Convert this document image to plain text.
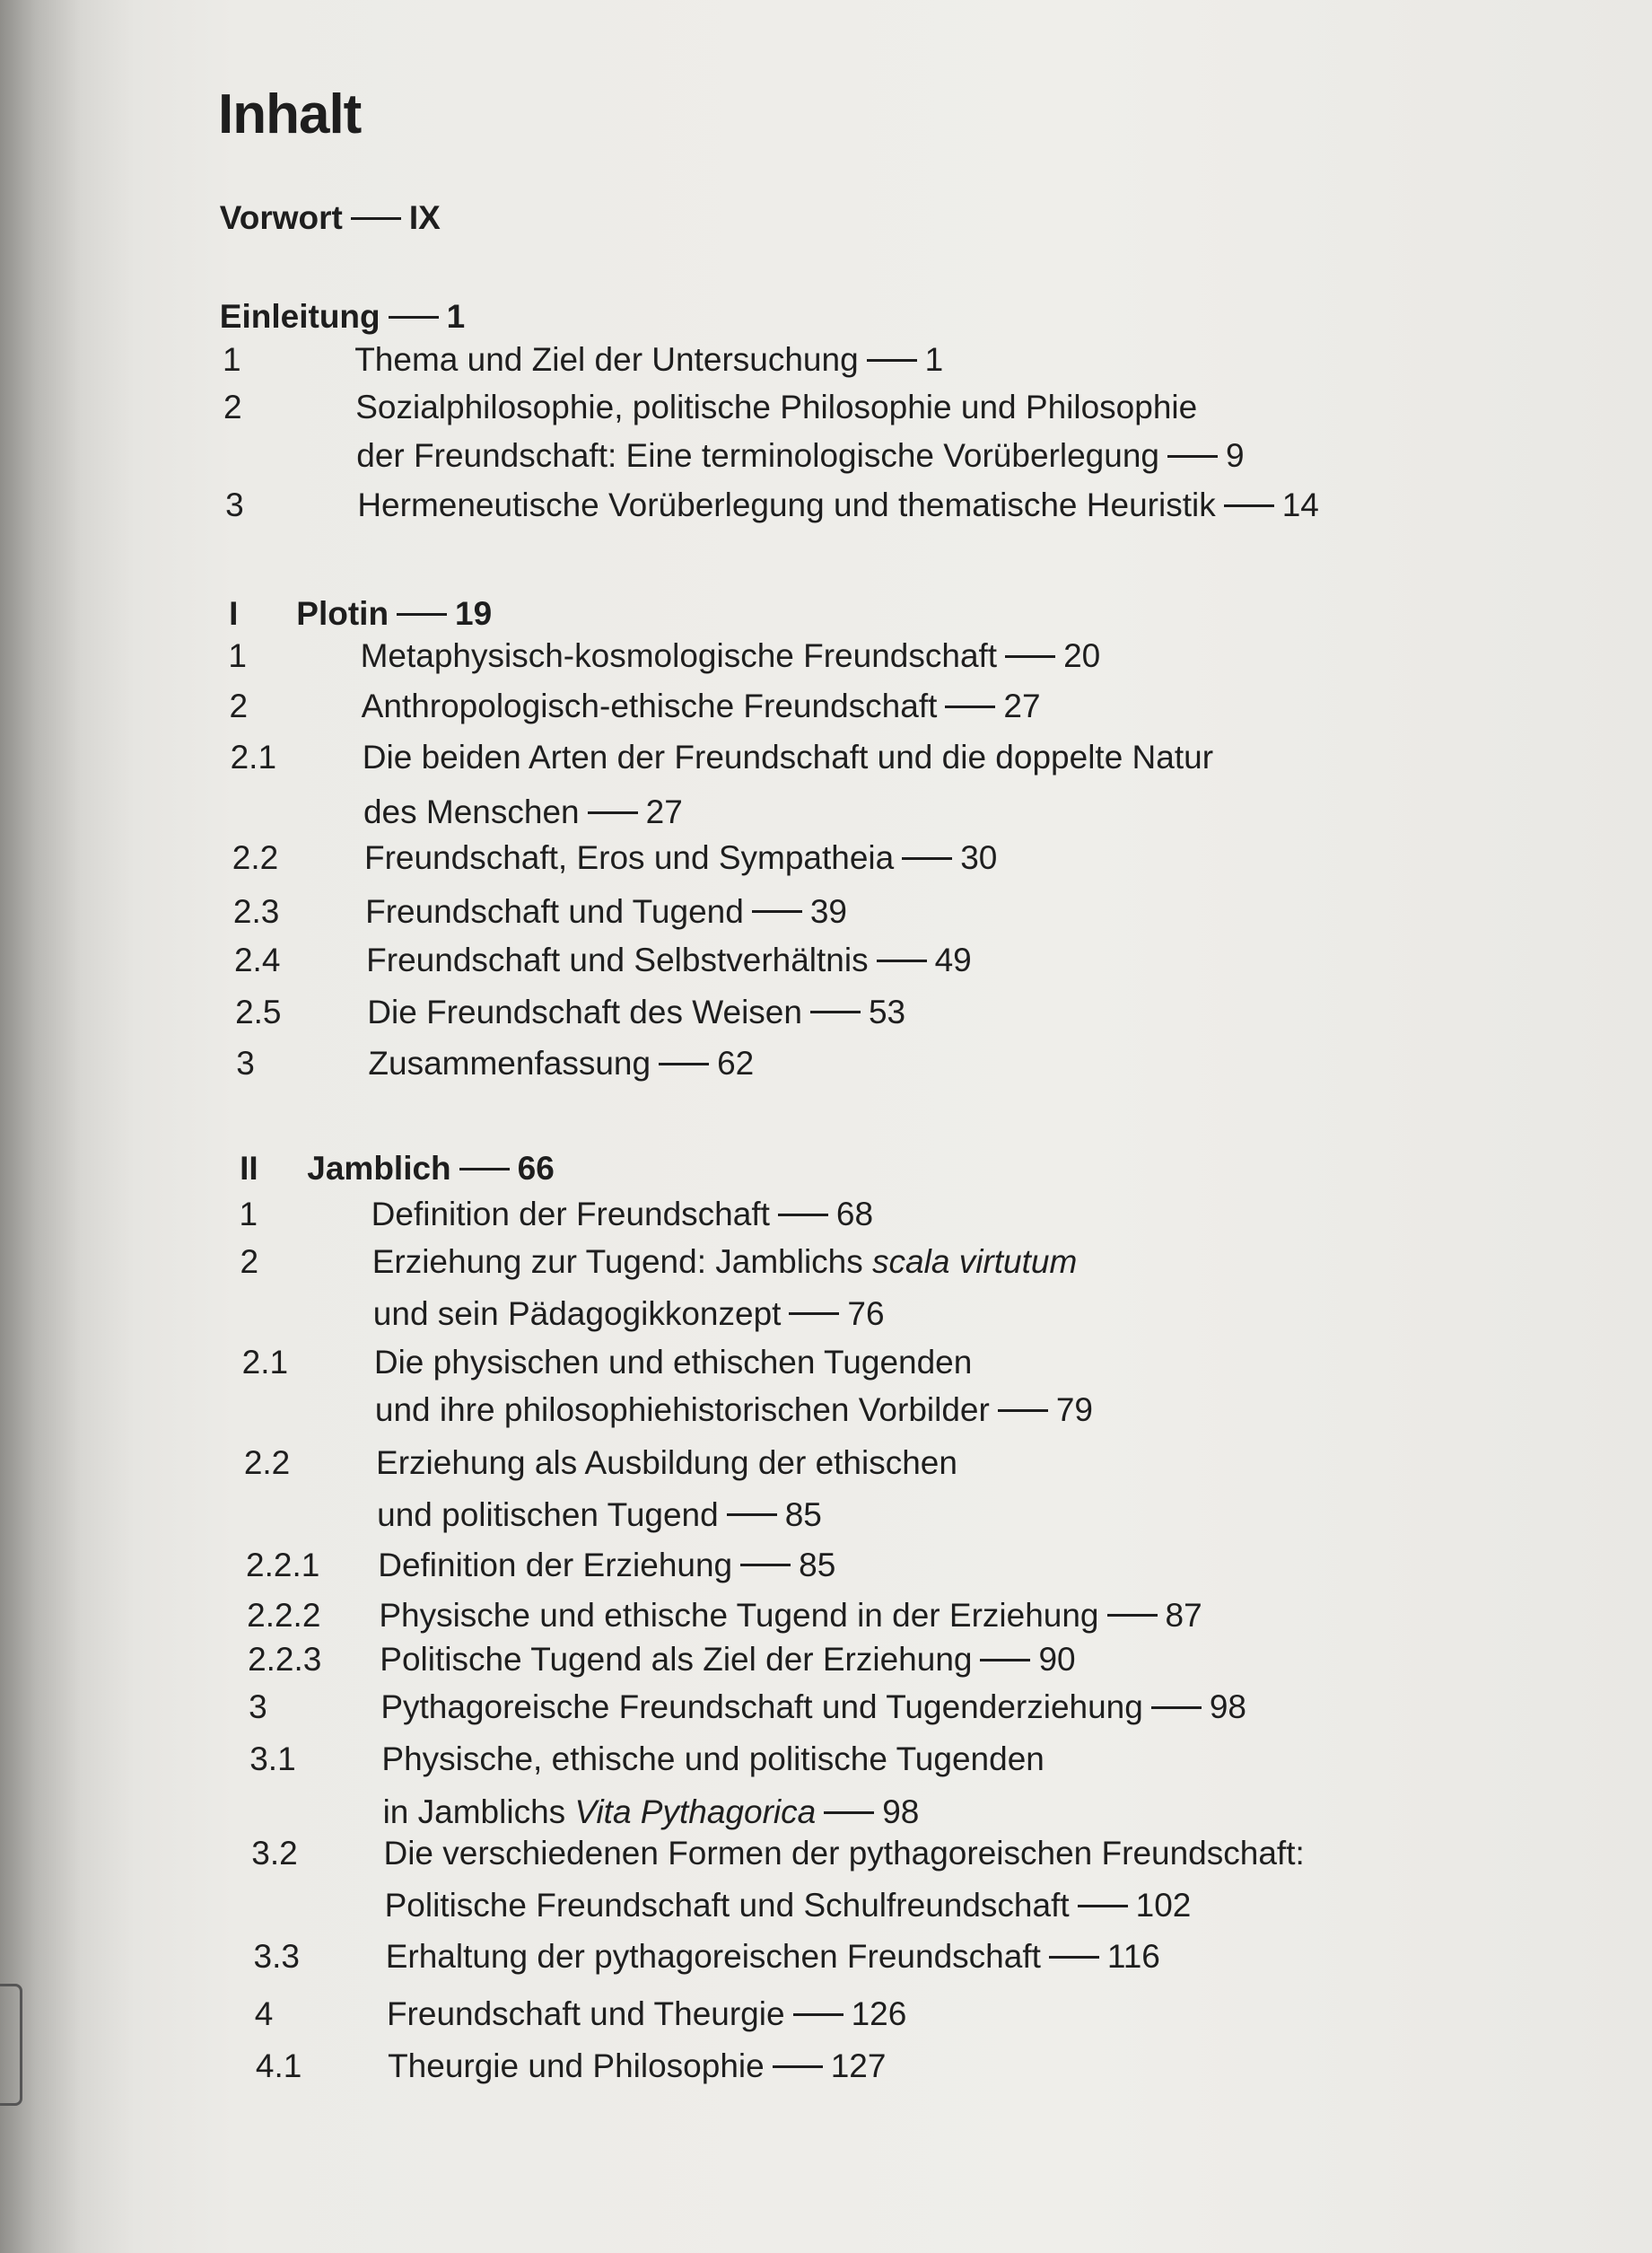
Inhalt
Vorwort IX
Einleitung 1
1	Thema und Ziel der Untersuchung 1
2	Sozialphilosophie, politische Philosophie und Philosophie
der Freundschaft: Eine terminologische Vorüberlegung 9
3	Hermeneutische Vorüberlegung und thematische Heuristik 14
I Plotin 19
1	Metaphysisch-kosmologische Freundschaft 20
2	Anthropologisch-ethische Freundschaft 27
2.1	Die beiden Arten der Freundschaft und die doppelte Natur
des Menschen 27
2.2	Freundschaft, Eros und Sympatheia 30
2.3	Freundschaft und Tugend 39
2.4	Freundschaft und Selbstverhältnis 49
2.5	Die Freundschaft des Weisen 53
3	Zusammenfassung 62
II Jamblich 66
1	Definition der Freundschaft 68
2	Erziehung zur Tugend: Jamblichs scala virtutum
und sein Pädagogikkonzept 76
2.1	Die physischen und ethischen Tugenden
und ihre philosophiehistorischen Vorbilder 79
2.2	Erziehung als Ausbildung der ethischen
und politischen Tugend 85
2.2.1 Definition der Erziehung 85
2.2.2 Physische und ethische Tugend in der Erziehung 87
2.2.3 Politische Tugend als Ziel der Erziehung 90
3	Pythagoreische Freundschaft und Tugenderziehung 98
3.1	Physische, ethische und politische Tugenden
in Jamblichs Vita Pythagorica 98
3.2	Die verschiedenen Formen der pythagoreischen Freundschaft:
Politische Freundschaft und Schulfreundschaft 102
3.3	Erhaltung der pythagoreischen Freundschaft 116
4	Freundschaft und Theurgie 126
4.1	Theurgie und Philosophie 127
